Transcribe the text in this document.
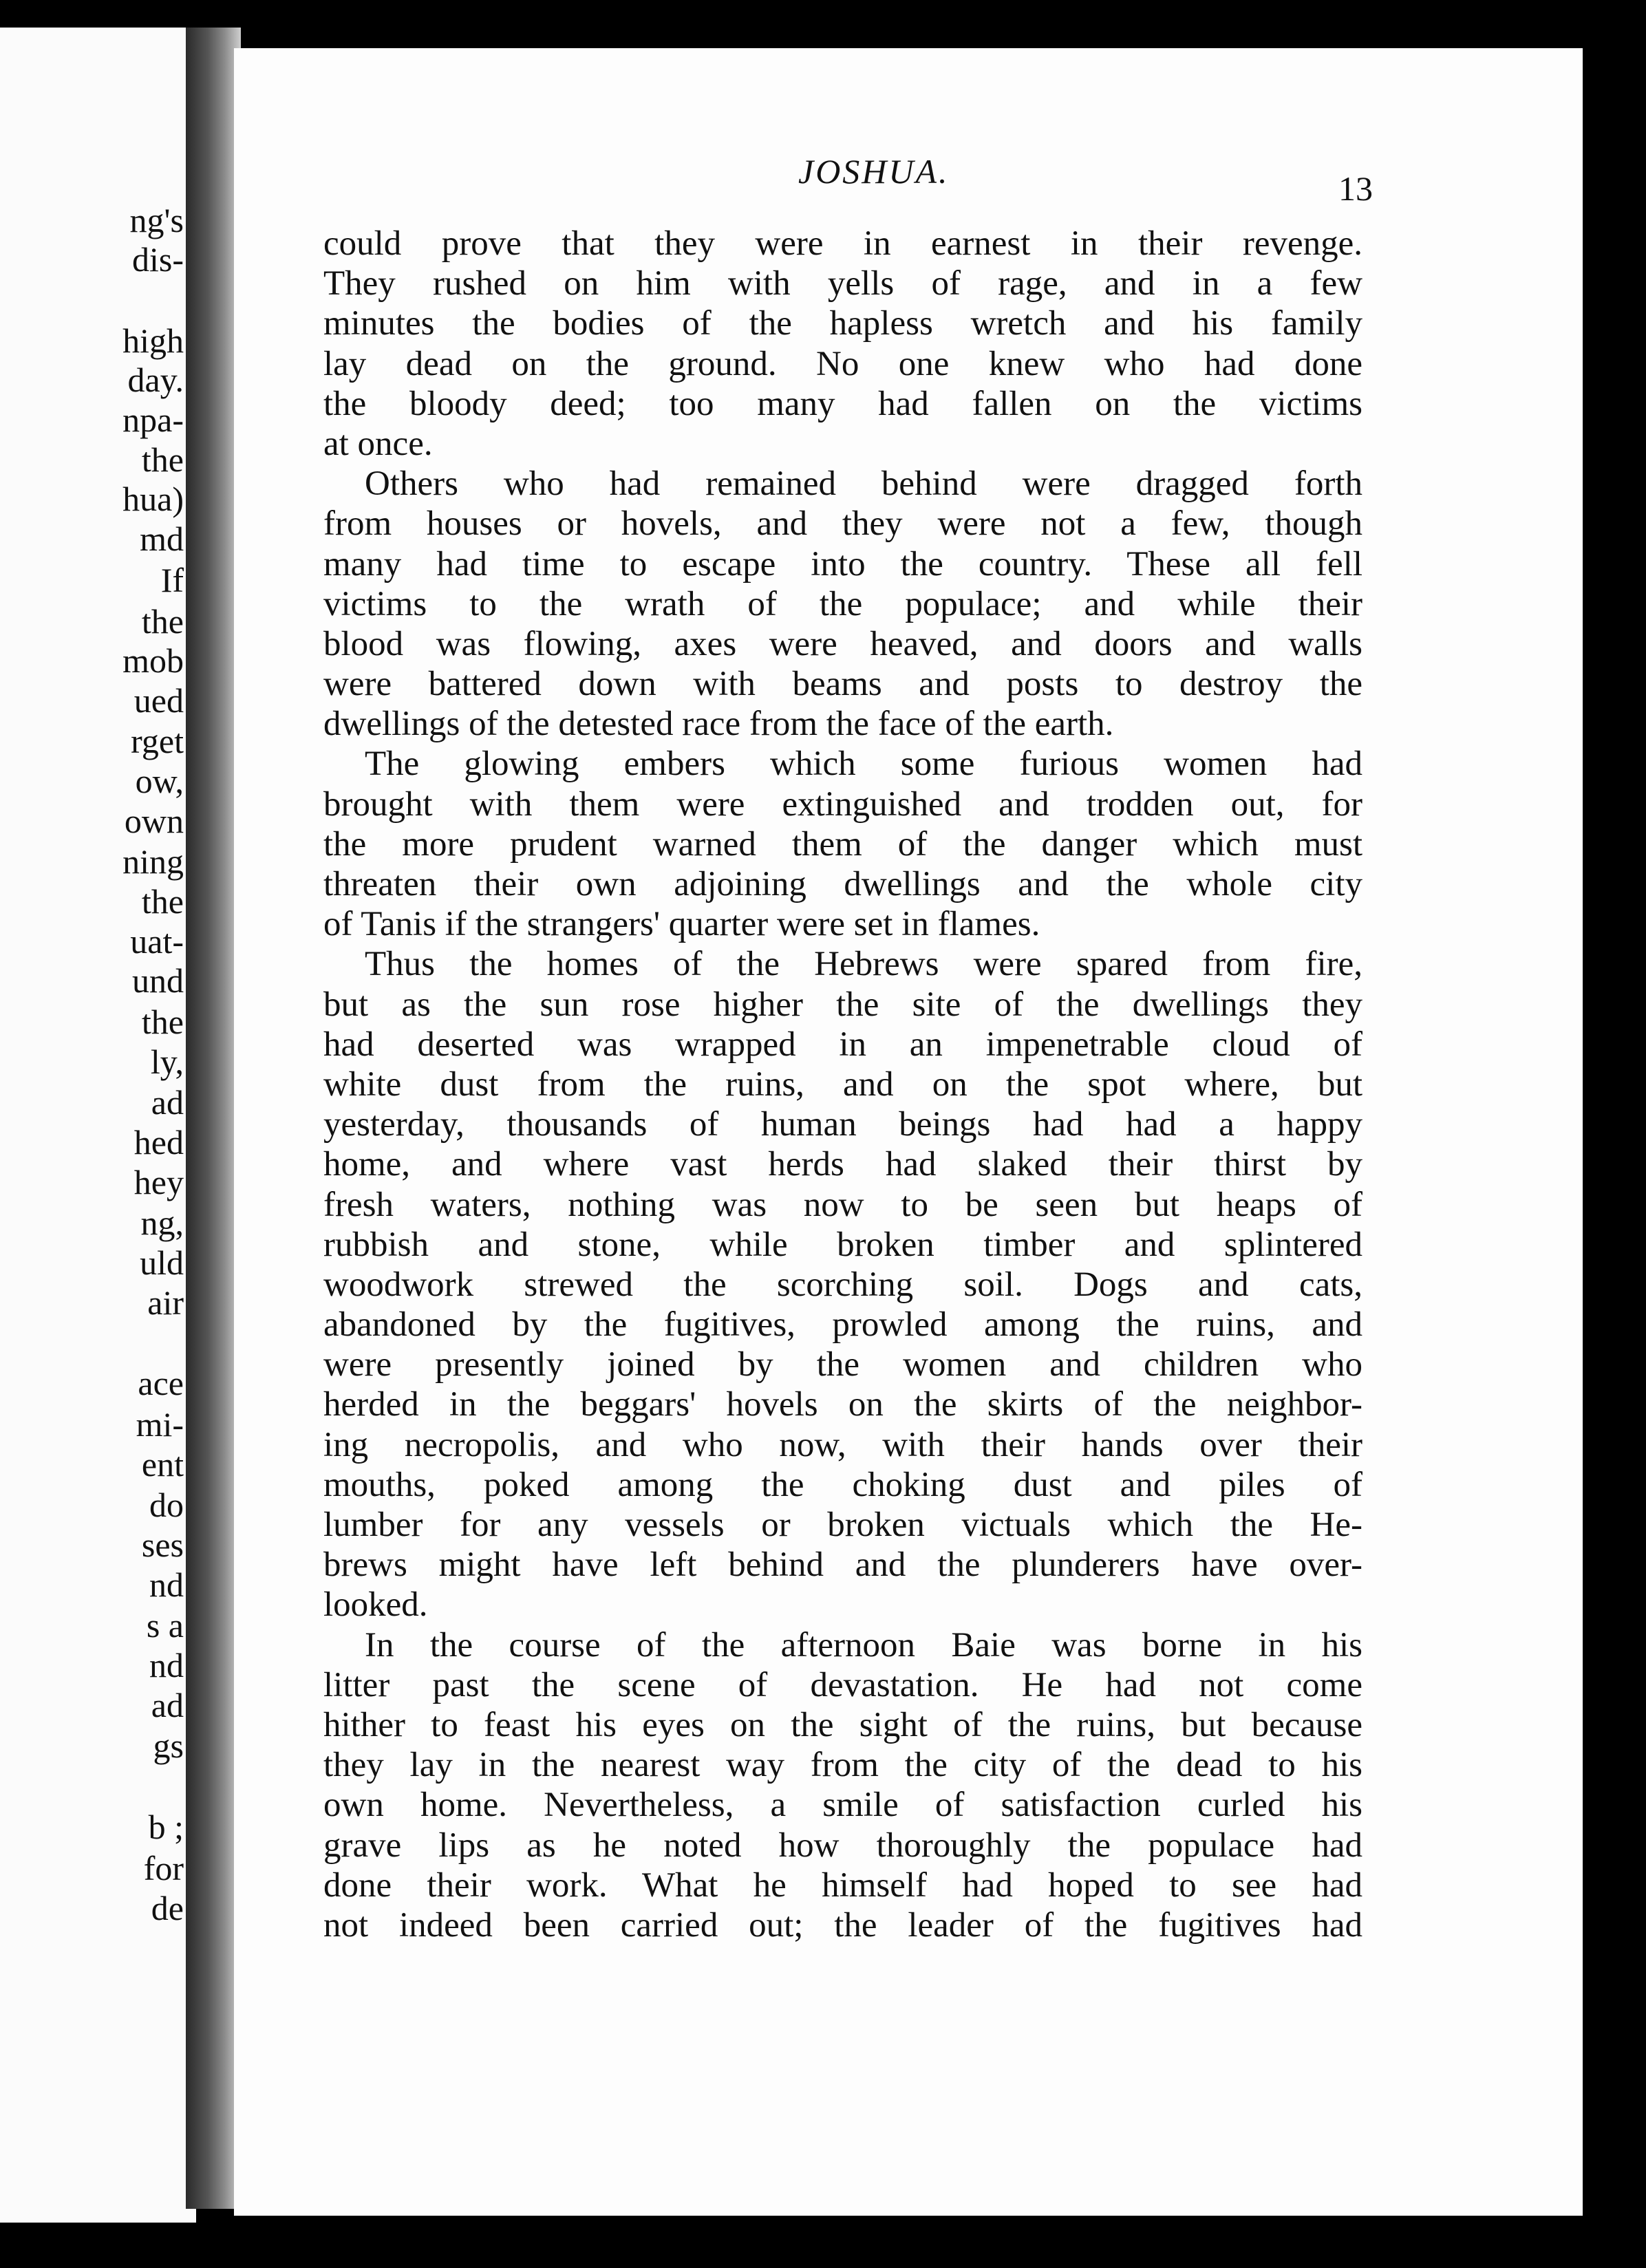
ng's
dis-
high
day.
npa-
the
hua)
md
If
the
mob
ued
rget
ow,
own
ning
the
uat-
und
the
ly,
ad
hed
hey
ng,
uld
air
ace
mi-
ent
do
ses
nd
s a
nd
ad
gs
b ;
for
de
JOSHUA.	13
could prove that they were in earnest in their revenge.
They rushed on him with yells of rage, and in a few
minutes the bodies of the hapless wretch and his family
lay dead on the ground. No one knew who had done
the bloody deed; too many had fallen on the victims
at once.
Others who had remained behind were dragged forth
from houses or hovels, and they were not a few, though
many had time to escape into the country. These all fell
victims to the wrath of the populace; and while their
blood was flowing, axes were heaved, and doors and walls
were battered down with beams and posts to destroy the
dwellings of the detested race from the face of the earth.
The glowing embers which some furious women had
brought with them were extinguished and trodden out, for
the more prudent warned them of the danger which must
threaten their own adjoining dwellings and the whole city
of Tanis if the strangers' quarter were set in flames.
Thus the homes of the Hebrews were spared from fire,
but as the sun rose higher the site of the dwellings they
had deserted was wrapped in an impenetrable cloud of
white dust from the ruins, and on the spot where, but
yesterday, thousands of human beings had had a happy
home, and where vast herds had slaked their thirst by
fresh waters, nothing was now to be seen but heaps of
rubbish and stone, while broken timber and splintered
woodwork strewed the scorching soil. Dogs and cats,
abandoned by the fugitives, prowled among the ruins, and
were presently joined by the women and children who
herded in the beggars' hovels on the skirts of the neighbor-
ing necropolis, and who now, with their hands over their
mouths, poked among the choking dust and piles of
lumber for any vessels or broken victuals which the He-
brews might have left behind and the plunderers have over-
looked.
In the course of the afternoon Baie was borne in his
litter past the scene of devastation. He had not come
hither to feast his eyes on the sight of the ruins, but because
they lay in the nearest way from the city of the dead to his
own home. Nevertheless, a smile of satisfaction curled his
grave lips as he noted how thoroughly the populace had
done their work. What he himself had hoped to see had
not indeed been carried out; the leader of the fugitives had
